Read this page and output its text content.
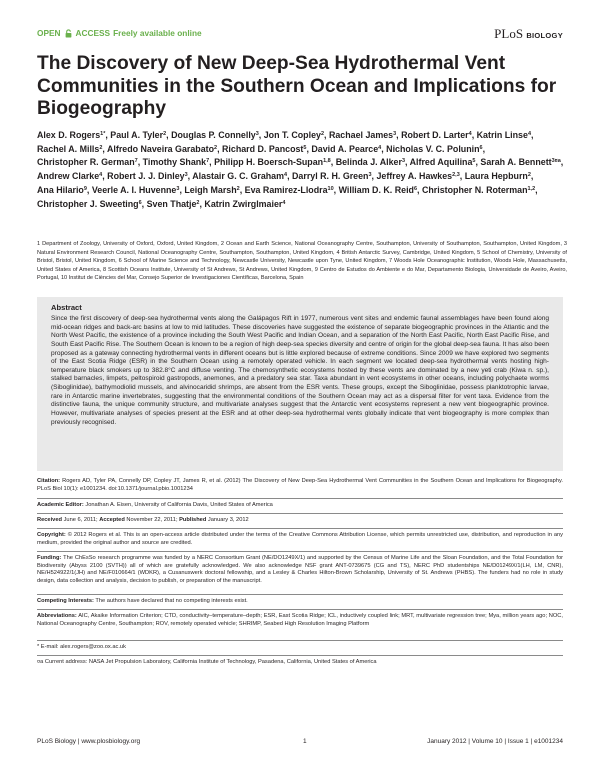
OPEN ACCESS Freely available online	PLoS BIOLOGY
The Discovery of New Deep-Sea Hydrothermal Vent Communities in the Southern Ocean and Implications for Biogeography
Alex D. Rogers$^{1*}$, Paul A. Tyler$^2$, Douglas P. Connelly$^3$, Jon T. Copley$^2$, Rachael James$^3$, Robert D. Larter$^4$, Katrin Linse$^4$, Rachel A. Mills$^2$, Alfredo Naveira Garabato$^2$, Richard D. Pancost$^5$, David A. Pearce$^4$, Nicholas V. C. Polunin$^6$, Christopher R. German$^7$, Timothy Shank$^7$, Philipp H. Boersch-Supan$^{1,8}$, Belinda J. Alker$^3$, Alfred Aquilina$^5$, Sarah A. Bennett$^{3¤a}$, Andrew Clarke$^4$, Robert J. J. Dinley$^3$, Alastair G. C. Graham$^4$, Darryl R. H. Green$^3$, Jeffrey A. Hawkes$^{2,3}$, Laura Hepburn$^2$, Ana Hilario$^9$, Veerle A. I. Huvenne$^3$, Leigh Marsh$^2$, Eva Ramirez-Llodra$^{10}$, William D. K. Reid$^6$, Christopher N. Roterman$^{1,2}$, Christopher J. Sweeting$^6$, Sven Thatje$^2$, Katrin Zwirglmaier$^4$
1 Department of Zoology, University of Oxford, Oxford, United Kingdom, 2 Ocean and Earth Science, National Oceanography Centre, Southampton, University of Southampton, Southampton, United Kingdom, 3 Natural Environment Research Council, National Oceanography Centre, Southampton, Southampton, United Kingdom, 4 British Antarctic Survey, Cambridge, United Kingdom, 5 School of Chemistry, University of Bristol, Bristol, United Kingdom, 6 School of Marine Science and Technology, Newcastle University, Newcastle upon Tyne, United Kingdom, 7 Woods Hole Oceanographic Institution, Woods Hole, Massachusetts, United States of America, 8 Scottish Oceans Institute, University of St Andrews, St Andrews, United Kingdom, 9 Centro de Estudos do Ambiente e do Mar, Departamento Biologia, Universidade de Aveiro, Aveiro, Portugal, 10 Institut de Ciències del Mar, Consejo Superior de Investigaciones Científicas, Barcelona, Spain
Abstract

Since the first discovery of deep-sea hydrothermal vents along the Galápagos Rift in 1977, numerous vent sites and endemic faunal assemblages have been found along mid-ocean ridges and back-arc basins at low to mid latitudes. These discoveries have suggested the existence of separate biogeographic provinces in the Atlantic and the North West Pacific, the existence of a province including the South West Pacific and Indian Ocean, and a separation of the North East Pacific, North East Pacific Rise, and South East Pacific Rise. The Southern Ocean is known to be a region of high deep-sea species diversity and centre of origin for the global deep-sea fauna. It has also been proposed as a gateway connecting hydrothermal vents in different oceans but is little explored because of extreme conditions. Since 2009 we have explored two segments of the East Scotia Ridge (ESR) in the Southern Ocean using a remotely operated vehicle. In each segment we located deep-sea hydrothermal vents hosting high-temperature black smokers up to 382.8°C and diffuse venting. The chemosynthetic ecosystems hosted by these vents are dominated by a new yeti crab (Kiwa n. sp.), stalked barnacles, limpets, peltospiroid gastropods, anemones, and a predatory sea star. Taxa abundant in vent ecosystems in other oceans, including polychaete worms (Siboglinidae), bathymodiolid mussels, and alvinocaridid shrimps, are absent from the ESR vents. These groups, except the Siboglinidae, possess planktotrophic larvae, rare in Antarctic marine invertebrates, suggesting that the environmental conditions of the Southern Ocean may act as a dispersal filter for vent taxa. Evidence from the distinctive fauna, the unique community structure, and multivariate analyses suggest that the Antarctic vent ecosystems represent a new vent biogeographic province. However, multivariate analyses of species present at the ESR and at other deep-sea hydrothermal vents globally indicate that vent biogeography is more complex than previously recognised.

Citation: Rogers AD, Tyler PA, Connelly DP, Copley JT, James R, et al. (2012) The Discovery of New Deep-Sea Hydrothermal Vent Communities in the Southern Ocean and Implications for Biogeography. PLoS Biol 10(1): e1001234. doi:10.1371/journal.pbio.1001234
Academic Editor: Jonathan A. Eisen, University of California Davis, United States of America
Received June 6, 2011; Accepted November 22, 2011; Published January 3, 2012
Copyright: © 2012 Rogers et al. This is an open-access article distributed under the terms of the Creative Commons Attribution License, which permits unrestricted use, distribution, and reproduction in any medium, provided the original author and source are credited.
Funding: The ChEsSo research programme was funded by a NERC Consortium Grant (NE/DO1249X/1) and supported by the Census of Marine Life and the Sloan Foundation, and the Total Foundation for Biodiversity (Abyss 2100 (SVTH)) all of which are gratefully acknowledged. We also acknowledge NSF grant ANT-0739675 (CG and TS), NERC PhD studentships NE/D01249X/1(LH, LM, CNR), NE/H524922/1(JH) and NE/F010664/1 (WDKR), a Cusanuswerk doctoral fellowship, and a Lesley & Charles Hilton-Brown Scholarship, University of St. Andrews (PHBS). The funders had no role in study design, data collection and analysis, decision to publish, or preparation of the manuscript.
Competing Interests: The authors have declared that no competing interests exist.
Abbreviations: AIC, Akaike Information Criterion; CTD, conductivity–temperature–depth; ESR, East Scotia Ridge; ICL, inductively coupled link; MRT, multivariate regression tree; Mya, million years ago; NOC, National Oceanography Centre, Southampton; ROV, remotely operated vehicle; SHRIMP, Seabed High Resolution Imaging Platform
* E-mail: alex.rogers@zoo.ox.ac.uk
¤a Current address: NASA Jet Propulsion Laboratory, California Institute of Technology, Pasadena, California, United States of America
PLoS Biology | www.plosbiology.org	1	January 2012 | Volume 10 | Issue 1 | e1001234
